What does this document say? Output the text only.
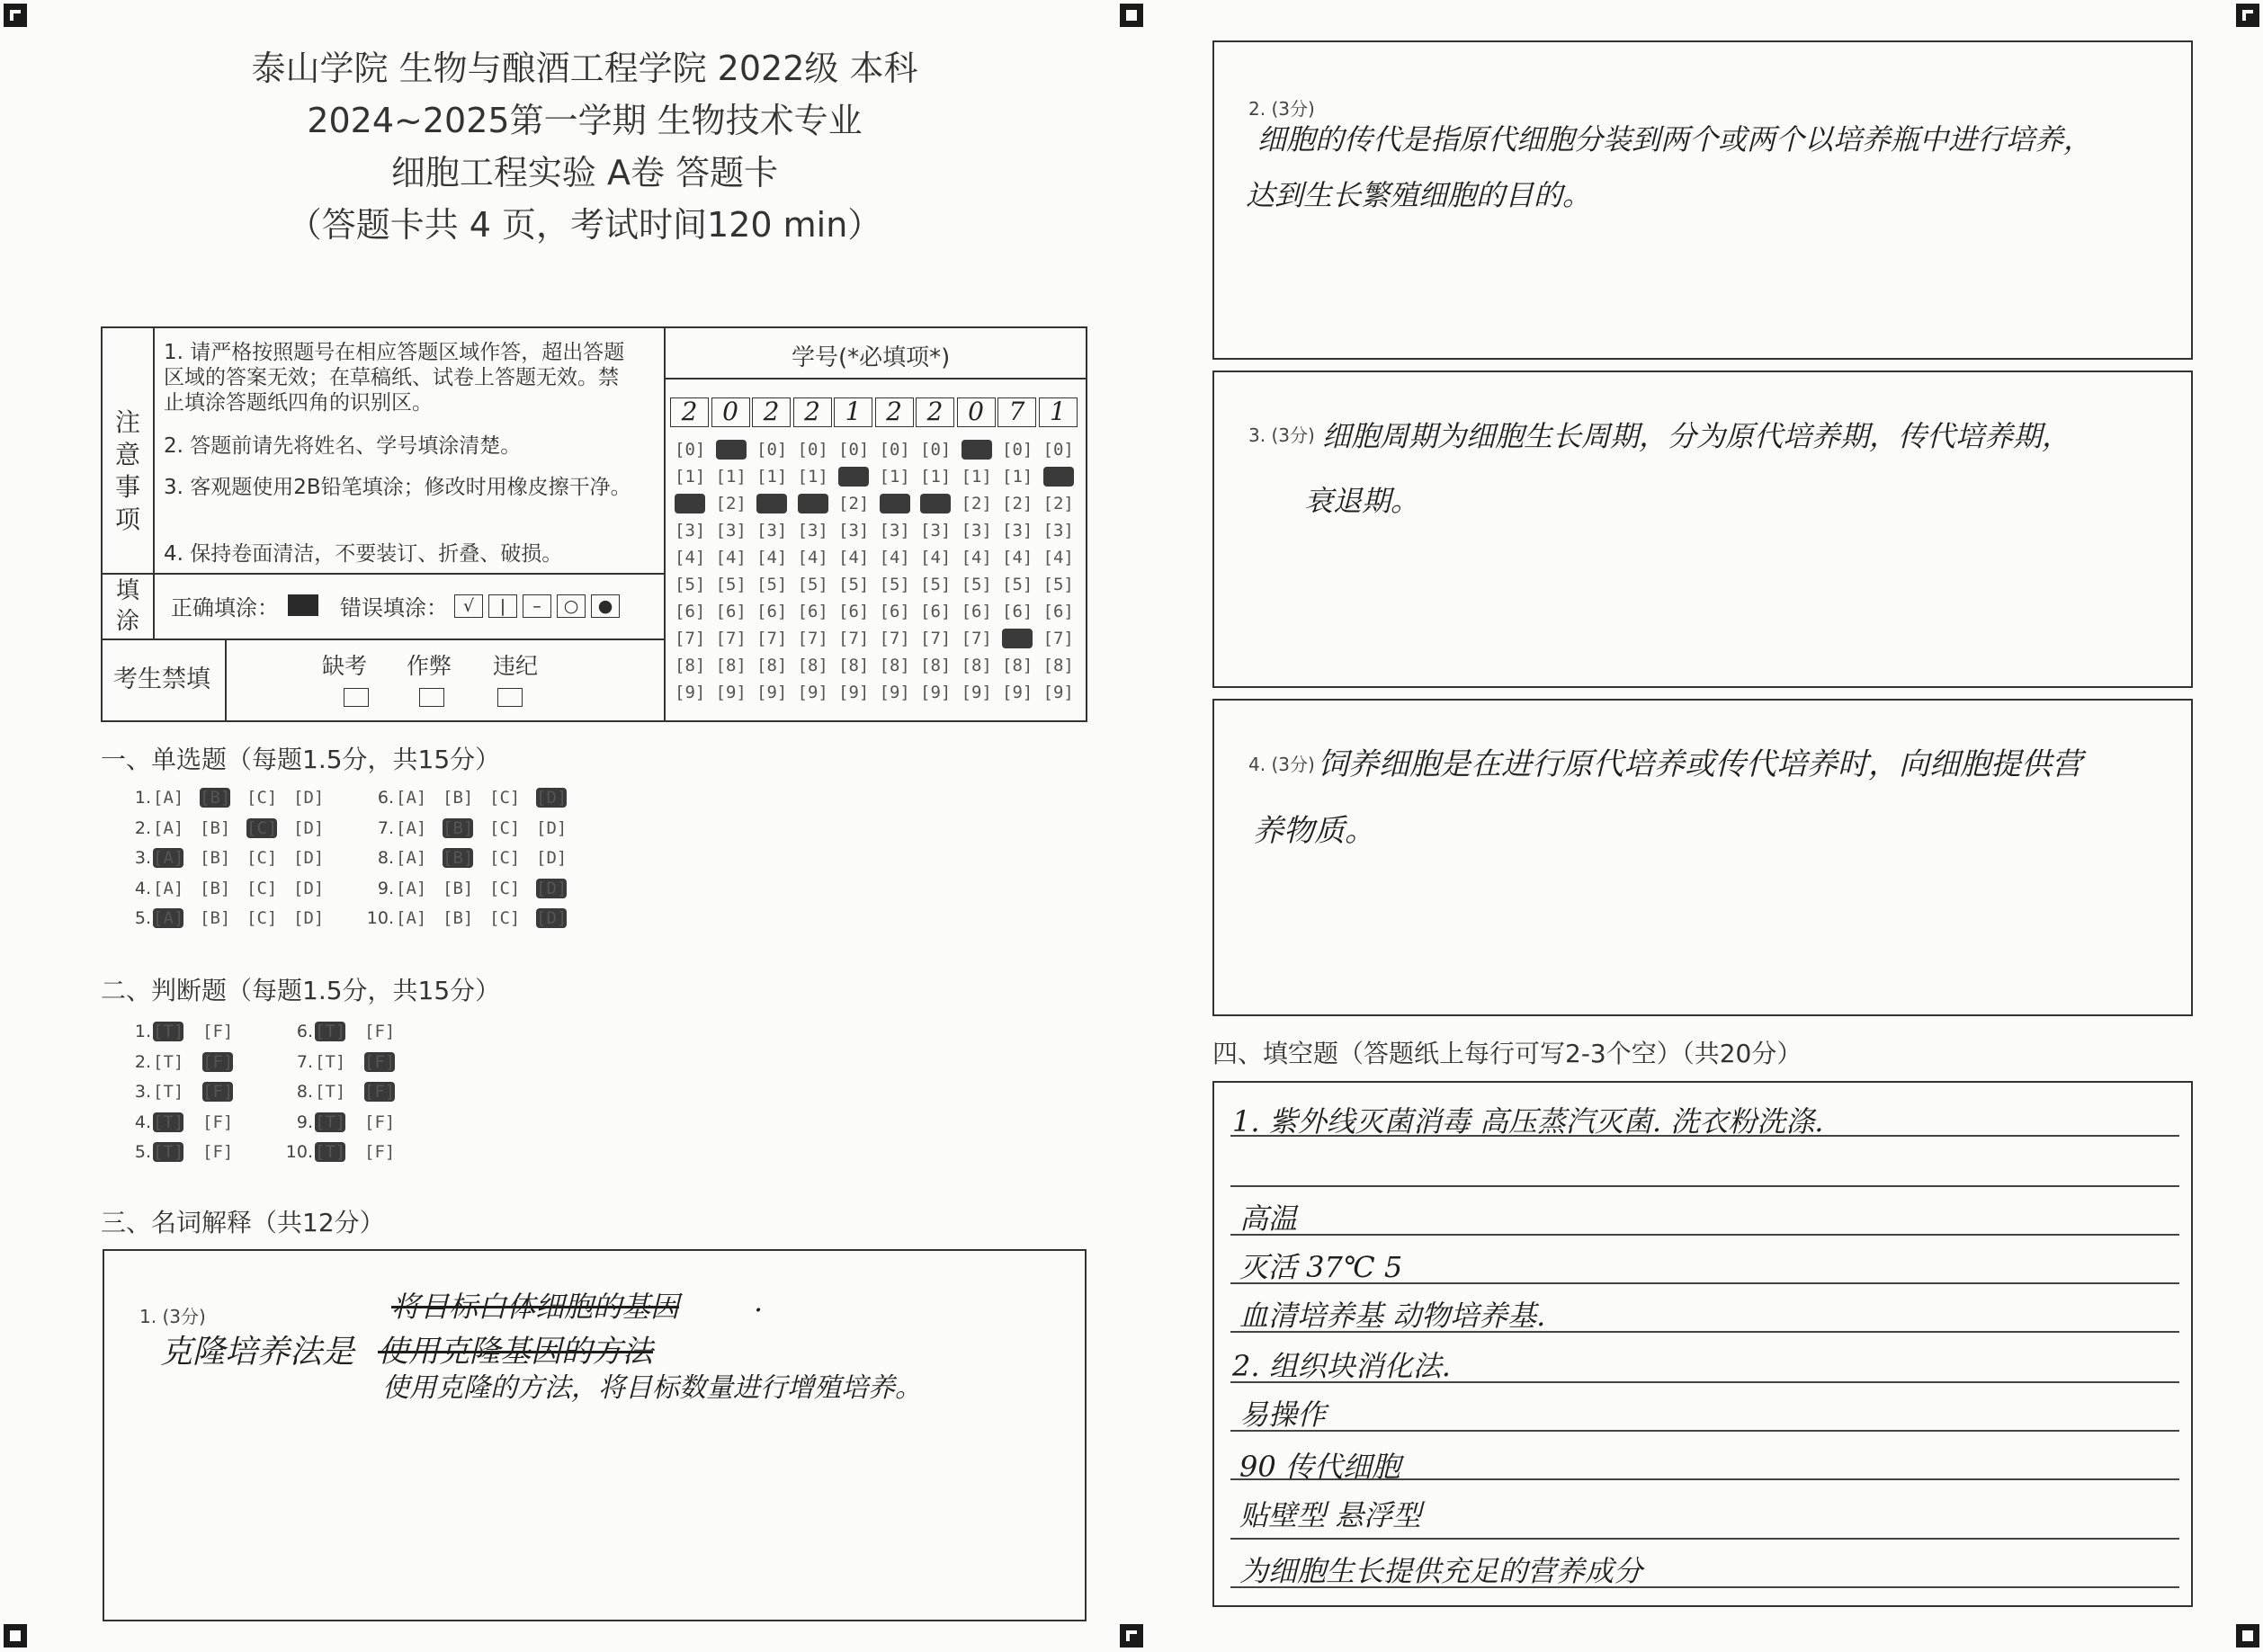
泰山学院 生物与酿酒工程学院 2022级 本科
2024~2025第一学期 生物技术专业
细胞工程实验 A卷 答题卡
（答题卡共 4 页，考试时间120 min）
注意事项
1. 请严格按照题号在相应答题区域作答，超出答题区域的答案无效；在草稿纸、试卷上答题无效。禁止填涂答题纸四角的识别区。
2. 答题前请先将姓名、学号填涂清楚。
3. 客观题使用2B铅笔填涂；修改时用橡皮擦干净。
4. 保持卷面清洁，不要装订、折叠、破损。
填涂 正确填涂：	错误填涂： √	|	–	○	●
考生禁填	缺考 作弊 违纪
学号(*必填项*)
2 0 2 2 1 2 2 0 7 1
[0] [0] [0] [0] [0] [0] [0] [0] [0] [0]
[1] [1] [1] [1] [1] [1] [1] [1] [1] [1]
[2] [2] [2] [2] [2] [2] [2] [2] [2] [2]
[3] [3] [3] [3] [3] [3] [3] [3] [3] [3]
[4] [4] [4] [4] [4] [4] [4] [4] [4] [4]
[5] [5] [5] [5] [5] [5] [5] [5] [5] [5]
[6] [6] [6] [6] [6] [6] [6] [6] [6] [6]
[7] [7] [7] [7] [7] [7] [7] [7] [7] [7]
[8] [8] [8] [8] [8] [8] [8] [8] [8] [8]
[9] [9] [9] [9] [9] [9] [9] [9] [9] [9]
一、单选题（每题1.5分，共15分）
1. [A] [B] [C] [D]
2. [A] [B] [C] [D]
3. [A] [B] [C] [D]
4. [A] [B] [C] [D]
5. [A] [B] [C] [D]
6. [A] [B] [C] [D]
7. [A] [B] [C] [D]
8. [A] [B] [C] [D]
9. [A] [B] [C] [D]
10. [A] [B] [C] [D]
二、判断题（每题1.5分，共15分）
1. [T] [F]
2. [T] [F]
3. [T] [F]
4. [T] [F]
5. [T] [F]
6. [T] [F]
7. [T] [F]
8. [T] [F]
9. [T] [F]
10. [T] [F]
三、名词解释（共12分）
1. (3分)	将目标白体细胞的基因	.
克隆培养法是 使用克隆基因的方法
使用克隆的方法，将目标数量进行增殖培养。
2. (3分)
细胞的传代是指原代细胞分装到两个或两个以培养瓶中进行培养，
达到生长繁殖细胞的目的。
3. (3分) 细胞周期为细胞生长周期，分为原代培养期，传代培养期，
衰退期。
4. (3分) 饲养细胞是在进行原代培养或传代培养时，向细胞提供营
养物质。
四、填空题（答题纸上每行可写2-3个空）（共20分）
1. 紫外线灭菌消毒 高压蒸汽灭菌. 洗衣粉洗涤.
高温
灭活 37℃ 5
血清培养基 动物培养基.
2. 组织块消化法.
易操作
90 传代细胞
贴壁型 悬浮型
为细胞生长提供充足的营养成分
